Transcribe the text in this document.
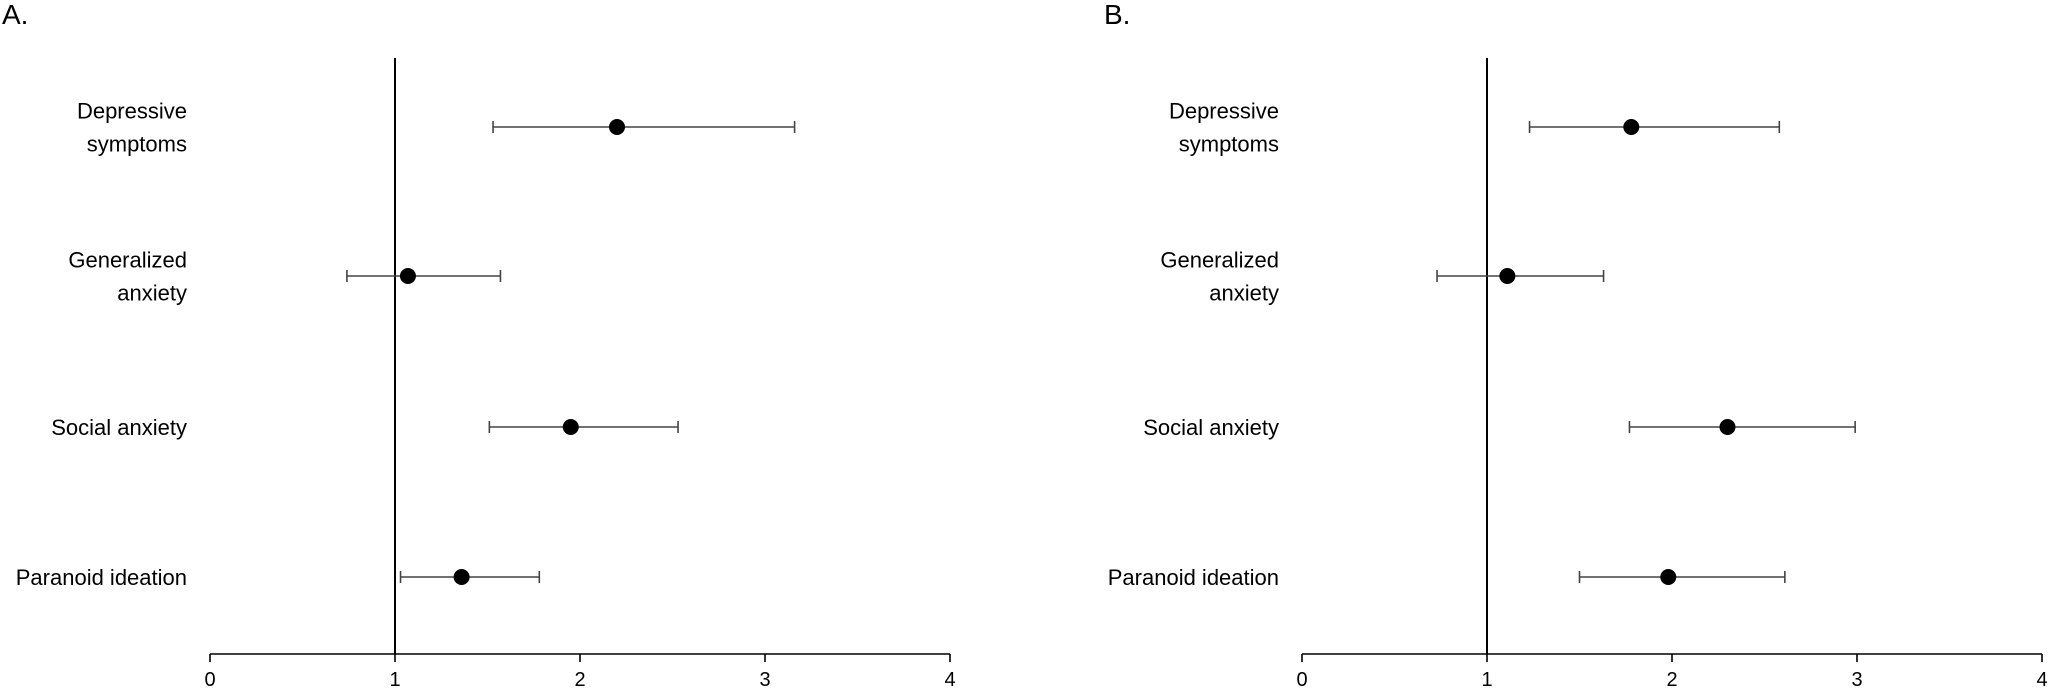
A.
0	1	2	3	4
Depressive symptoms
Generalized anxiety
Social anxiety
Paranoid ideation
B.
0	1	2	3	4
Depressive symptoms
Generalized anxiety
Social anxiety
Paranoid ideation
